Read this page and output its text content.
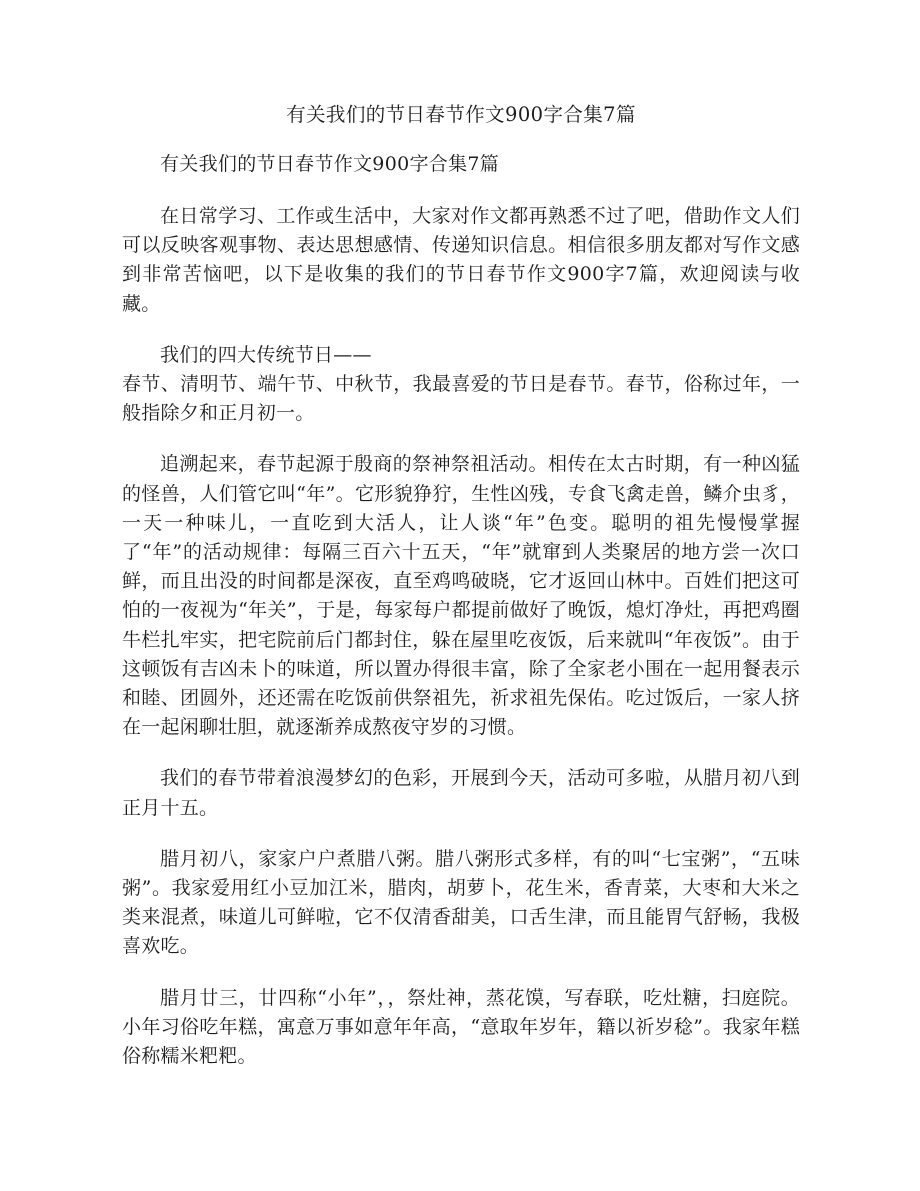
有关我们的节日春节作文900字合集7篇

有关我们的节日春节作文900字合集7篇

在日常学习、工作或生活中，大家对作文都再熟悉不过了吧，借助作文人们可以反映客观事物、表达思想感情、传递知识信息。相信很多朋友都对写作文感到非常苦恼吧，以下是收集的我们的节日春节作文900字7篇，欢迎阅读与收藏。

我们的四大传统节日——
春节、清明节、端午节、中秋节，我最喜爱的节日是春节。春节，俗称过年，一般指除夕和正月初一。

追溯起来，春节起源于殷商的祭神祭祖活动。相传在太古时期，有一种凶猛的怪兽，人们管它叫“年”。它形貌狰狞，生性凶残，专食飞禽走兽，鳞介虫豸，一天一种味儿，一直吃到大活人，让人谈“年”色变。聪明的祖先慢慢掌握了“年”的活动规律：每隔三百六十五天，“年”就窜到人类聚居的地方尝一次口鲜，而且出没的时间都是深夜，直至鸡鸣破晓，它才返回山林中。百姓们把这可怕的一夜视为“年关”，于是，每家每户都提前做好了晚饭，熄灯净灶，再把鸡圈牛栏扎牢实，把宅院前后门都封住，躲在屋里吃夜饭，后来就叫“年夜饭”。由于这顿饭有吉凶未卜的味道，所以置办得很丰富，除了全家老小围在一起用餐表示和睦、团圆外，还还需在吃饭前供祭祖先，祈求祖先保佑。吃过饭后，一家人挤在一起闲聊壮胆，就逐渐养成熬夜守岁的习惯。

我们的春节带着浪漫梦幻的色彩，开展到今天，活动可多啦，从腊月初八到正月十五。

腊月初八，家家户户煮腊八粥。腊八粥形式多样，有的叫“七宝粥”，“五味粥”。我家爱用红小豆加江米，腊肉，胡萝卜，花生米，香青菜，大枣和大米之类来混煮，味道儿可鲜啦，它不仅清香甜美，口舌生津，而且能胃气舒畅，我极喜欢吃。

腊月廿三，廿四称“小年”，，祭灶神，蒸花馍，写春联，吃灶糖，扫庭院。小年习俗吃年糕，寓意万事如意年年高，“意取年岁年，籍以祈岁稔”。我家年糕俗称糯米粑粑。
